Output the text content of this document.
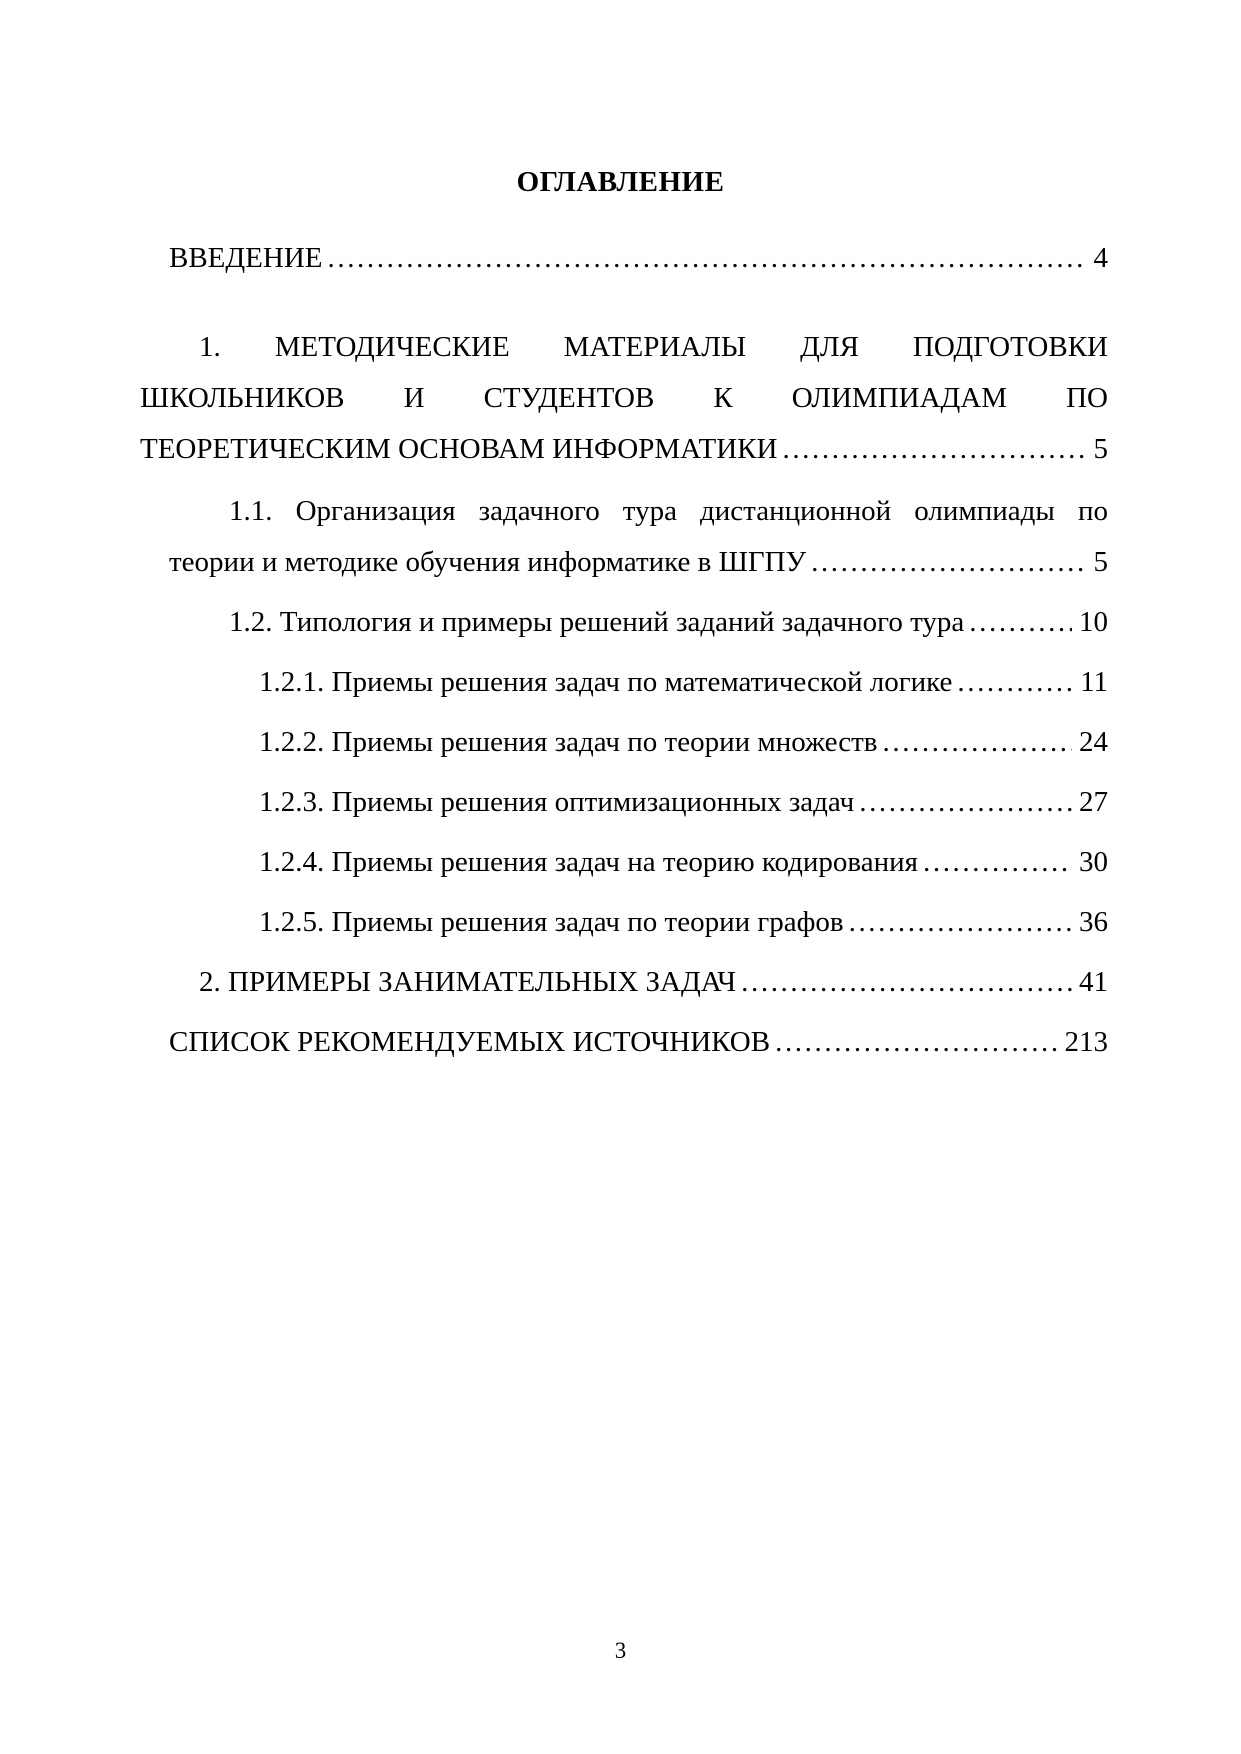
ОГЛАВЛЕНИЕ
ВВЕДЕНИЕ .....	4
1. МЕТОДИЧЕСКИЕ МАТЕРИАЛЫ ДЛЯ ПОДГОТОВКИ
ШКОЛЬНИКОВ И СТУДЕНТОВ К ОЛИМПИАДАМ ПО
ТЕОРЕТИЧЕСКИМ ОСНОВАМ ИНФОРМАТИКИ .....	5
1.1. Организация задачного тура дистанционной олимпиады по
теории и методике обучения информатике в ШГПУ .....	5
1.2. Типология и примеры решений заданий задачного тура .....	10
1.2.1. Приемы решения задач по математической логике .....	11
1.2.2. Приемы решения задач по теории множеств .....	24
1.2.3. Приемы решения оптимизационных задач .....	27
1.2.4. Приемы решения задач на теорию кодирования .....	30
1.2.5. Приемы решения задач по теории графов .....	36
2. ПРИМЕРЫ ЗАНИМАТЕЛЬНЫХ ЗАДАЧ .....	41
СПИСОК РЕКОМЕНДУЕМЫХ ИСТОЧНИКОВ .....	213
3
